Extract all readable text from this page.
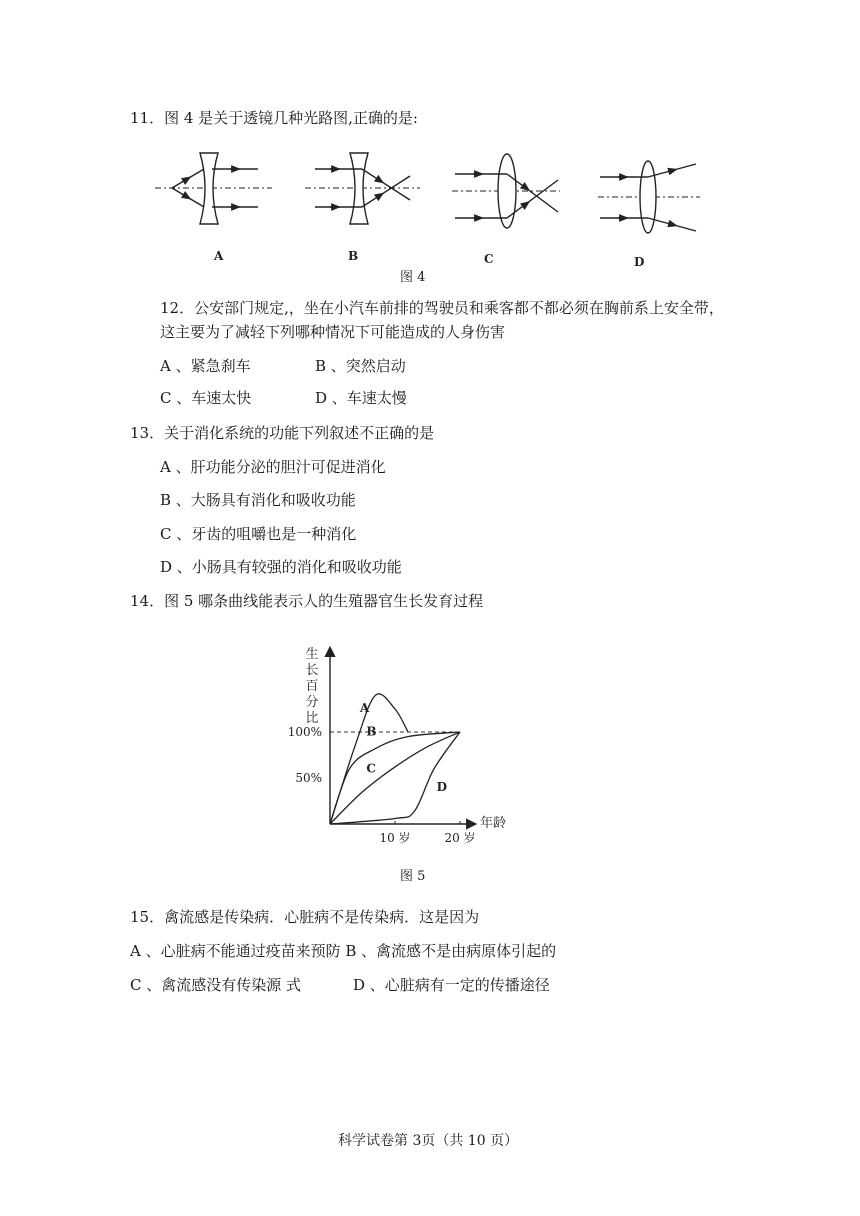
11．图 4 是关于透镜几种光路图,正确的是:
A	B	C	D
图 4
12．公安部门规定,，坐在小汽车前排的驾驶员和乘客都不都必须在胸前系上安全带，
这主要为了减轻下列哪种情况下可能造成的人身伤害
A 、紧急刹车	B 、突然启动
C 、车速太快	D 、车速太慢
13．关于消化系统的功能下列叙述不正确的是
A 、肝功能分泌的胆汁可促进消化
B 、大肠具有消化和吸收功能
C 、牙齿的咀嚼也是一种消化
D 、小肠具有较强的消化和吸收功能
14．图 5 哪条曲线能表示人的生殖器官生长发育过程
生
长
百
分
比
年龄
50%
100%
10 岁	20 岁
A
B
C
D
图 5
15．禽流感是传染病．心脏病不是传染病．这是因为
A 、心脏病不能通过疫苗来预防 B 、禽流感不是由病原体引起的
C 、禽流感没有传染源 式	D 、心脏病有一定的传播途径
科学试卷第 3页（共 10 页）
